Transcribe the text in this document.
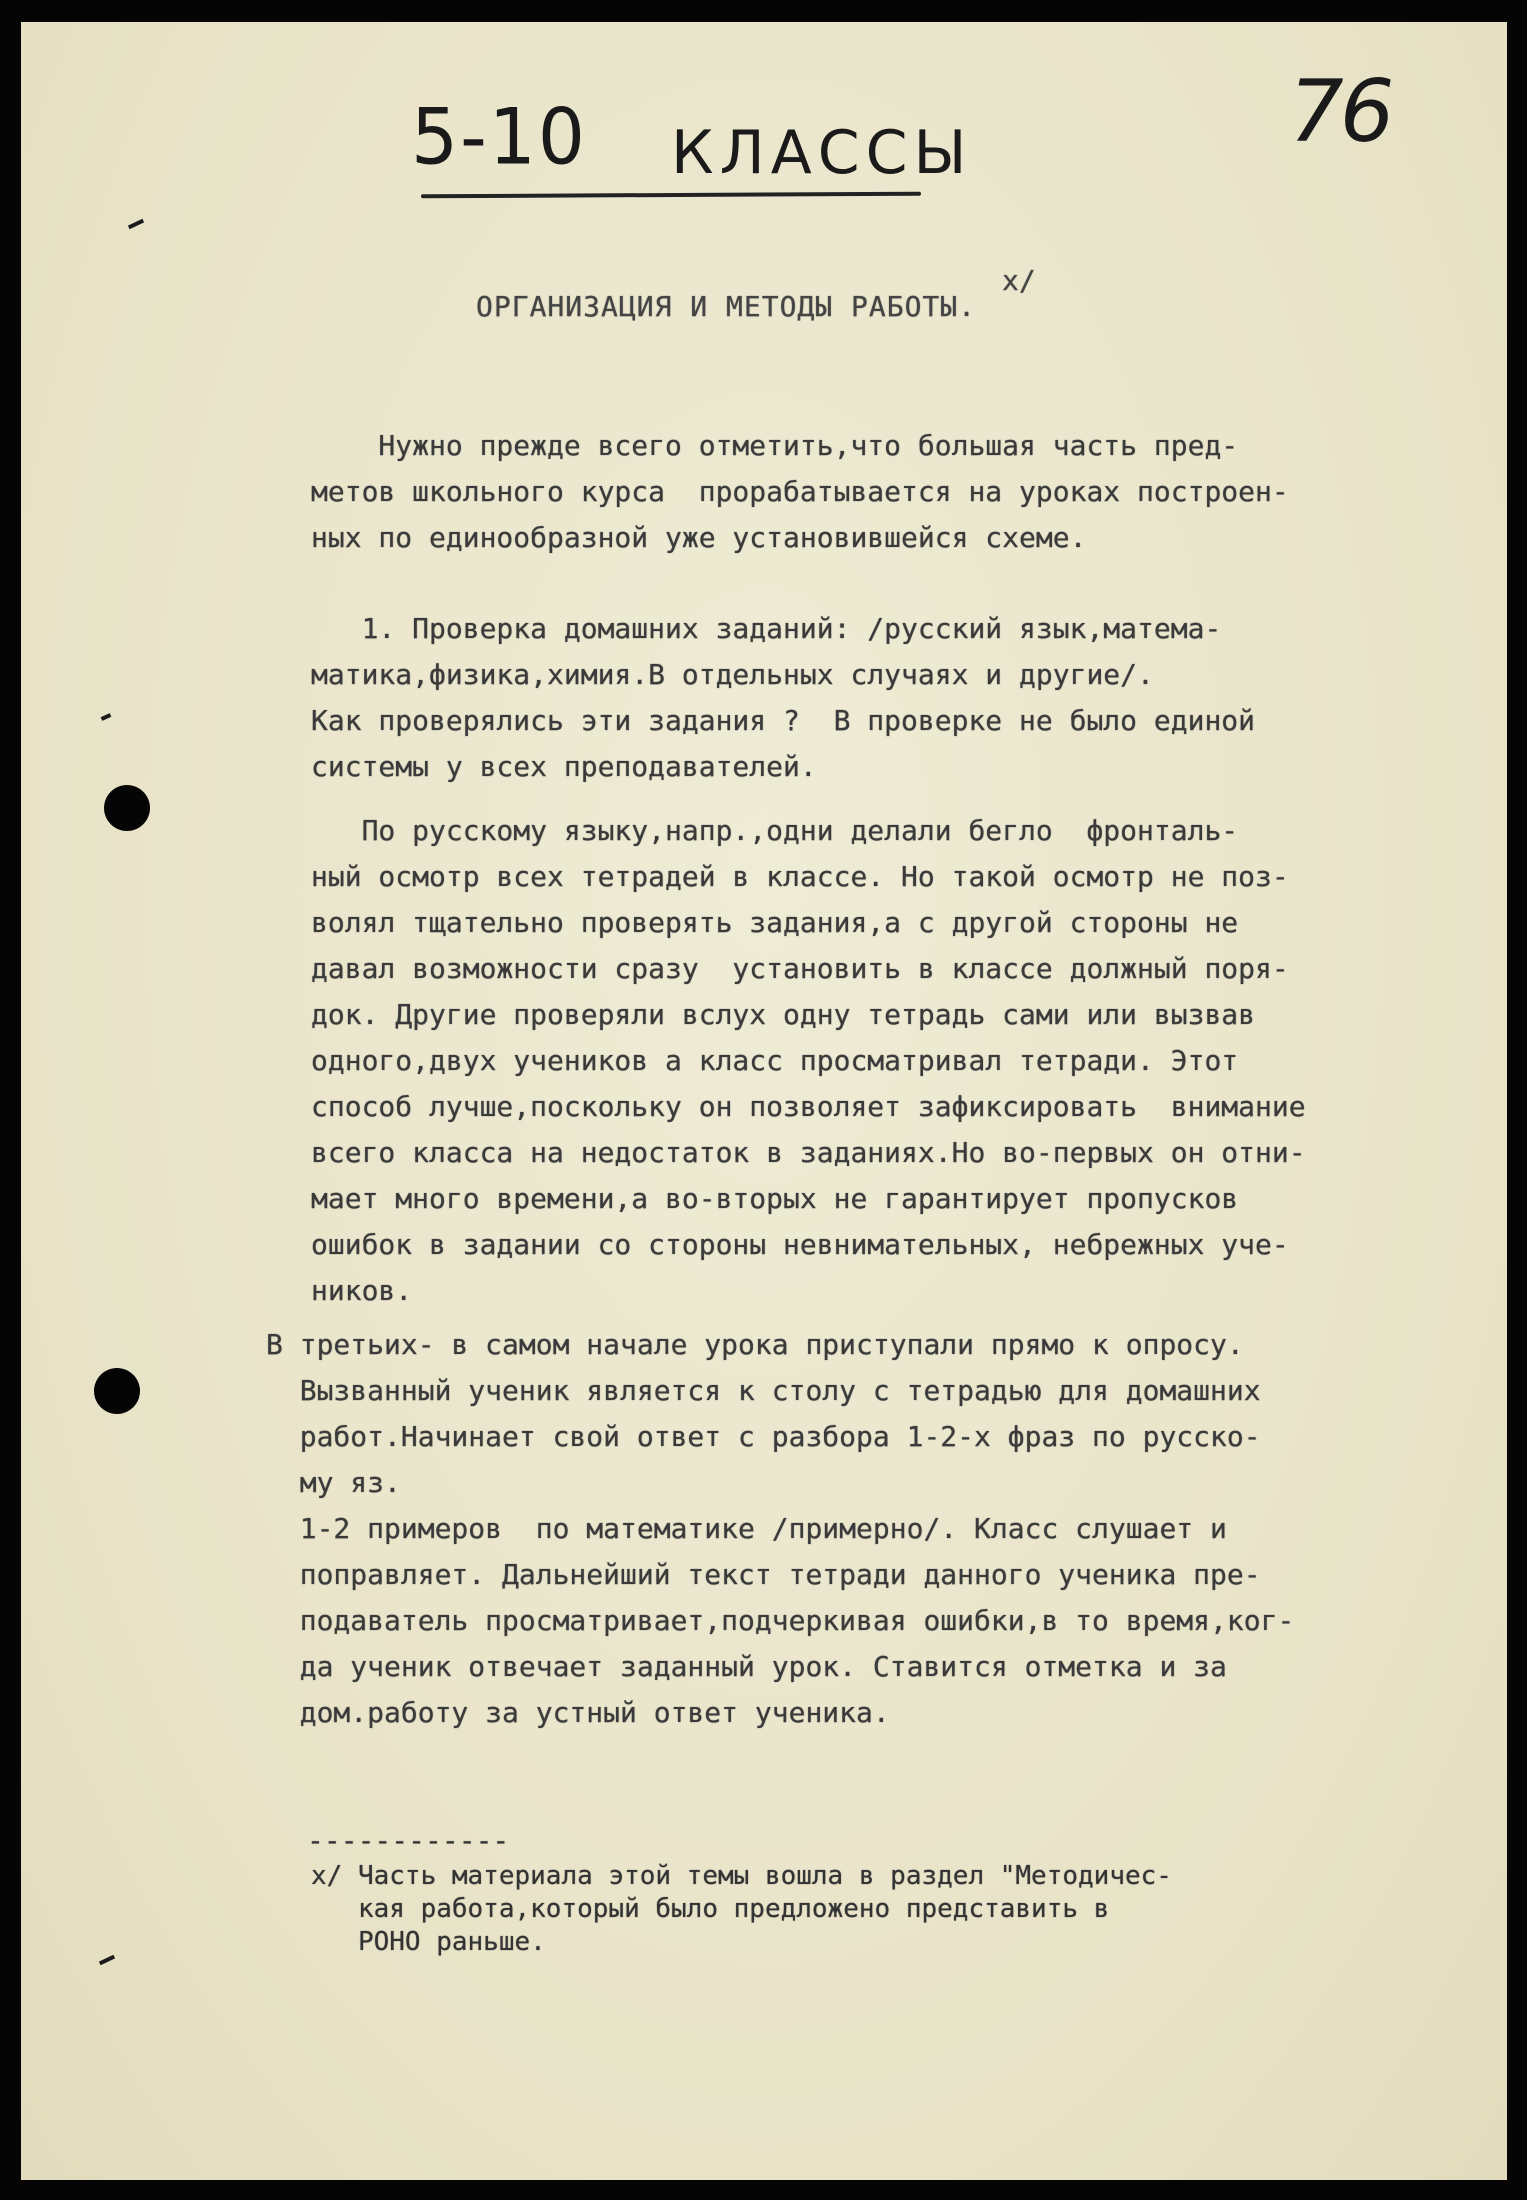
5-10 КЛАССЫ	76
ОРГАНИЗАЦИЯ И МЕТОДЫ РАБОТЫ.
х/
Нужно прежде всего отметить,что большая часть пред-
метов школьного курса  прорабатывается на уроках построен-
ных по единообразной уже установившейся схеме.
1. Проверка домашних заданий: /русский язык,матема-
матика,физика,химия.В отдельных случаях и другие/.
Как проверялись эти задания ?  В проверке не было единой
системы у всех преподавателей.
По русскому языку,напр.,одни делали бегло  фронталь-
ный осмотр всех тетрадей в классе. Но такой осмотр не поз-
волял тщательно проверять задания,а с другой стороны не
давал возможности сразу  установить в классе должный поря-
док. Другие проверяли вслух одну тетрадь сами или вызвав
одного,двух учеников а класс просматривал тетради. Этот
способ лучше,поскольку он позволяет зафиксировать  внимание
всего класса на недостаток в заданиях.Но во-первых он отни-
мает много времени,а во-вторых не гарантирует пропусков
ошибок в задании со стороны невнимательных, небрежных уче-
ников.
В третьих- в самом начале урока приступали прямо к опросу.
Вызванный ученик является к столу с тетрадью для домашних
работ.Начинает свой ответ с разбора 1-2-х фраз по русско-
му яз.
1-2 примеров  по математике /примерно/. Класс слушает и
поправляет. Дальнейший текст тетради данного ученика пре-
подаватель просматривает,подчеркивая ошибки,в то время,ког-
да ученик отвечает заданный урок. Ставится отметка и за
дом.работу за устный ответ ученика.
------------
х/ Часть материала этой темы вошла в раздел "Методичес-
кая работа,который было предложено представить в
РОНО раньше.
